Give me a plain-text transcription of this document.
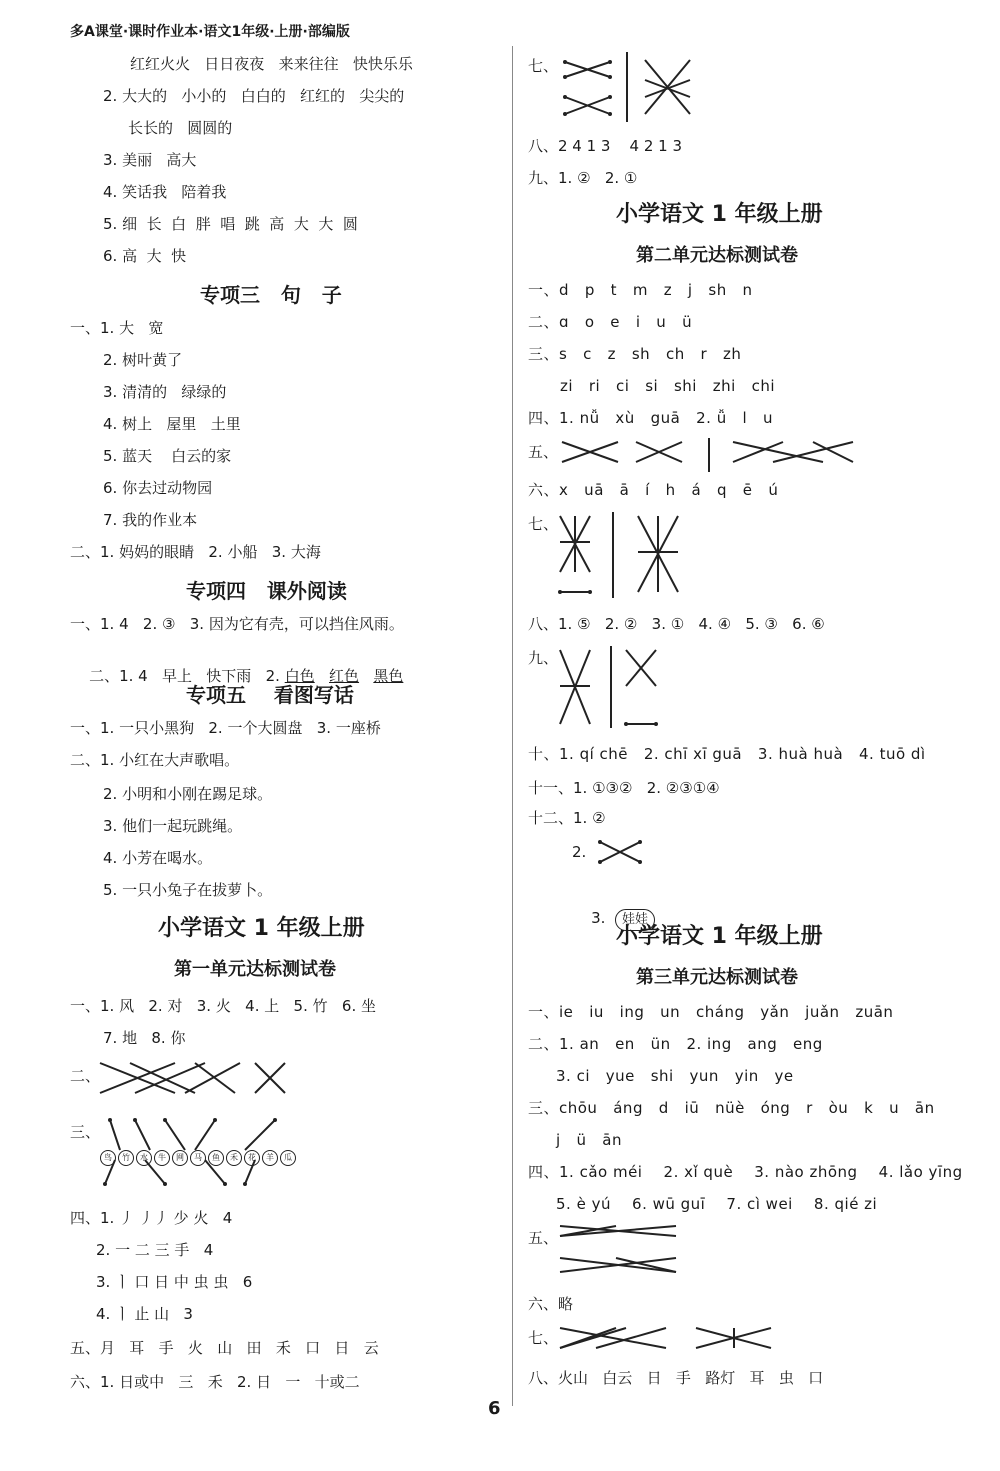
多A课堂·课时作业本·语文1年级·上册·部编版
红红火火   日日夜夜   来来往往   快快乐乐
2. 大大的   小小的   白白的   红红的   尖尖的
长长的   圆圆的
3. 美丽   高大
4. 笑话我   陪着我
5. 细  长  白  胖  唱  跳  高  大  大  圆
6. 高  大  快
专项三   句   子
一、1. 大   宽
2. 树叶黄了
3. 清清的   绿绿的
4. 树上   屋里   土里
5. 蓝天    白云的家
6. 你去过动物园
7. 我的作业本
二、1. 妈妈的眼睛   2. 小船   3. 大海
专项四   课外阅读
一、1. 4   2. ③   3. 因为它有壳，可以挡住风雨。

二、1. 4   早上   快下雨   2. 白色 红色 黑色

专项五    看图写话
一、1. 一只小黑狗   2. 一个大圆盘   3. 一座桥
二、1. 小红在大声歌唱。
2. 小明和小刚在踢足球。
3. 他们一起玩跳绳。
4. 小芳在喝水。
5. 一只小兔子在拔萝卜。
小学语文 1 年级上册
第一单元达标测试卷
一、1. 风   2. 对   3. 火   4. 上   5. 竹   6. 坐
7. 地   8. 你
二、
三、
鸟	竹	水	牛	网	马	鱼	禾	花	羊	瓜
四、1. ⼃ ⼃⼃ 少 火   4
2. 一 二 三 手   4
3. ㅣ 口 日 中 虫 虫   6
4. ㅣ 止 山   3
五、月   耳   手   火   山   田   禾   口   日   云
六、1. 日或中   三   禾   2. 日   一   十或二
七、
八、2 4 1 3    4 2 1 3
九、1. ②   2. ①
小学语文 1 年级上册
第二单元达标测试卷
一、d   p   t   m   z   j   sh   n
二、ɑ   o   e   i   u   ü
三、s   c   z   sh   ch   r   zh
zi   ri   ci   si   shi   zhi   chi
四、1. nǚ   xù   guā   2. ǚ   l   u
五、
六、x   uā   ā   í   h   á   q   ē   ú
七、
八、1. ⑤   2. ②   3. ①   4. ④   5. ③   6. ⑥
九、
十、1. qí chē   2. chī xī guā   3. huà huà   4. tuō dì
十一、1. ①③②   2. ②③①④
十二、1. ②
2.

3. 娃娃

小学语文 1 年级上册
第三单元达标测试卷
一、ie   iu   ing   un   cháng   yǎn   juǎn   zuān
二、1. an   en   ün   2. ing   ang   eng
3. ci   yue   shi   yun   yin   ye
三、chōu   áng   d   iū   nüè   óng   r   òu   k   u   ān
j   ü   ān
四、1. cǎo méi    2. xǐ què    3. nào zhōng    4. lǎo yīng
5. è yú    6. wū guī    7. cì wei    8. qié zi
五、
六、略
七、
八、火山   白云   日   手   路灯   耳   虫   口
6
